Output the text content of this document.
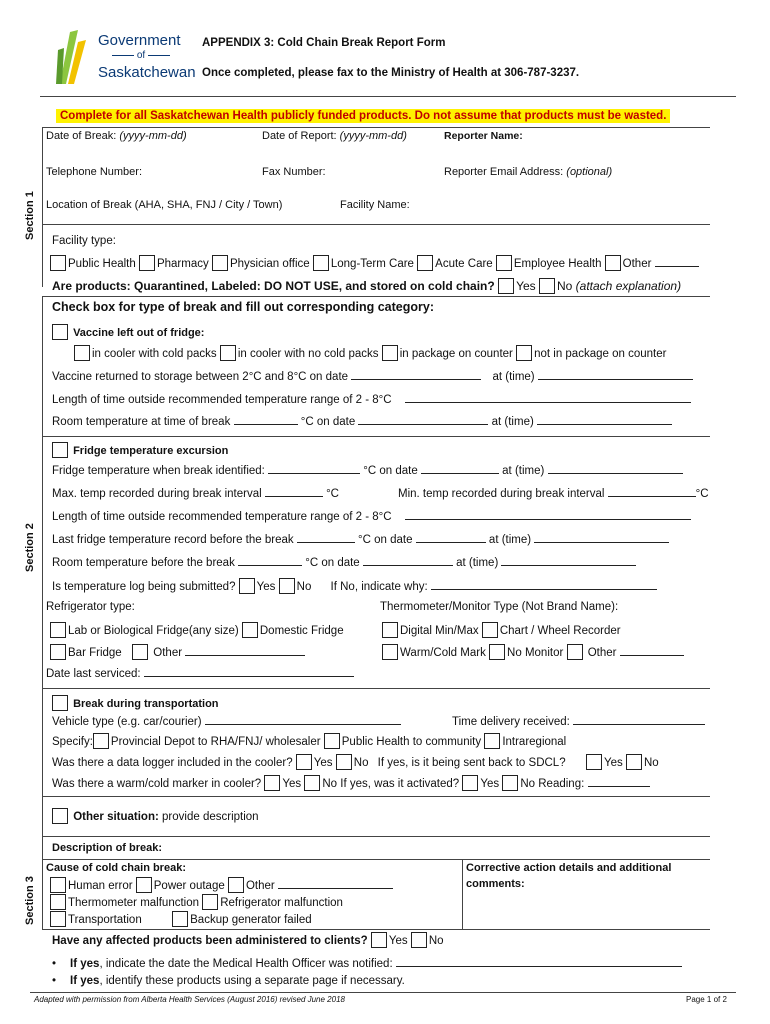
Government
of
Saskatchewan
APPENDIX 3: Cold Chain Break Report Form
Once completed, please fax to the Ministry of Health at 306-787-3237.
Complete for all Saskatchewan Health publicly funded products. Do not assume that products must be wasted.
Section 1
Date of Break: (yyyy-mm-dd)	Date of Report: (yyyy-mm-dd)	Reporter Name:
Telephone Number:	Fax Number:	Reporter Email Address: (optional)
Location of Break (AHA, SHA, FNJ / City / Town)	Facility Name:
Facility type:
Public Health Pharmacy Physician office Long-Term Care Acute Care Employee Health Other
Are products: Quarantined, Labeled: DO NOT USE, and stored on cold chain? Yes No (attach explanation)
Section 2
Check box for type of break and fill out corresponding category:
Vaccine left out of fridge:
in cooler with cold packs in cooler with no cold packs in package on counter not in package on counter
Vaccine returned to storage between 2°C and 8°C on date	at (time)
Length of time outside recommended temperature range of 2 - 8°C
Room temperature at time of break	°C on date	at (time)
Fridge temperature excursion
Fridge temperature when break identified:	°C on date	at (time)
Max. temp recorded during break interval	°C	Min. temp recorded during break interval	°C
Length of time outside recommended temperature range of 2 - 8°C
Last fridge temperature record before the break	°C on date	at (time)
Room temperature before the break	°C on date	at (time)
Is temperature log being submitted? Yes No If No, indicate why:
Refrigerator type:
Lab or Biological Fridge(any size) Domestic Fridge
Bar Fridge	Other
Thermometer/Monitor Type (Not Brand Name):
Digital Min/Max Chart / Wheel Recorder
Warm/Cold Mark No Monitor Other
Date last serviced:
Break during transportation
Vehicle type (e.g. car/courier)	Time delivery received:
Specify: Provincial Depot to RHA/FNJ/ wholesaler Public Health to community Intraregional
Was there a data logger included in the cooler? Yes No If yes, is it being sent back to SDCL?	Yes No
Was there a warm/cold marker in cooler? Yes No If yes, was it activated? Yes No Reading:
Other situation: provide description
Section 3
Description of break:
Cause of cold chain break:
Human error Power outage Other
Thermometer malfunction Refrigerator malfunction
Transportation	Backup generator failed
Corrective action details and additional
comments:
Have any affected products been administered to clients? Yes No
• If yes, indicate the date the Medical Health Officer was notified:
• If yes, identify these products using a separate page if necessary.
Adapted with permission from Alberta Health Services (August 2016) revised June 2018	Page 1 of 2
